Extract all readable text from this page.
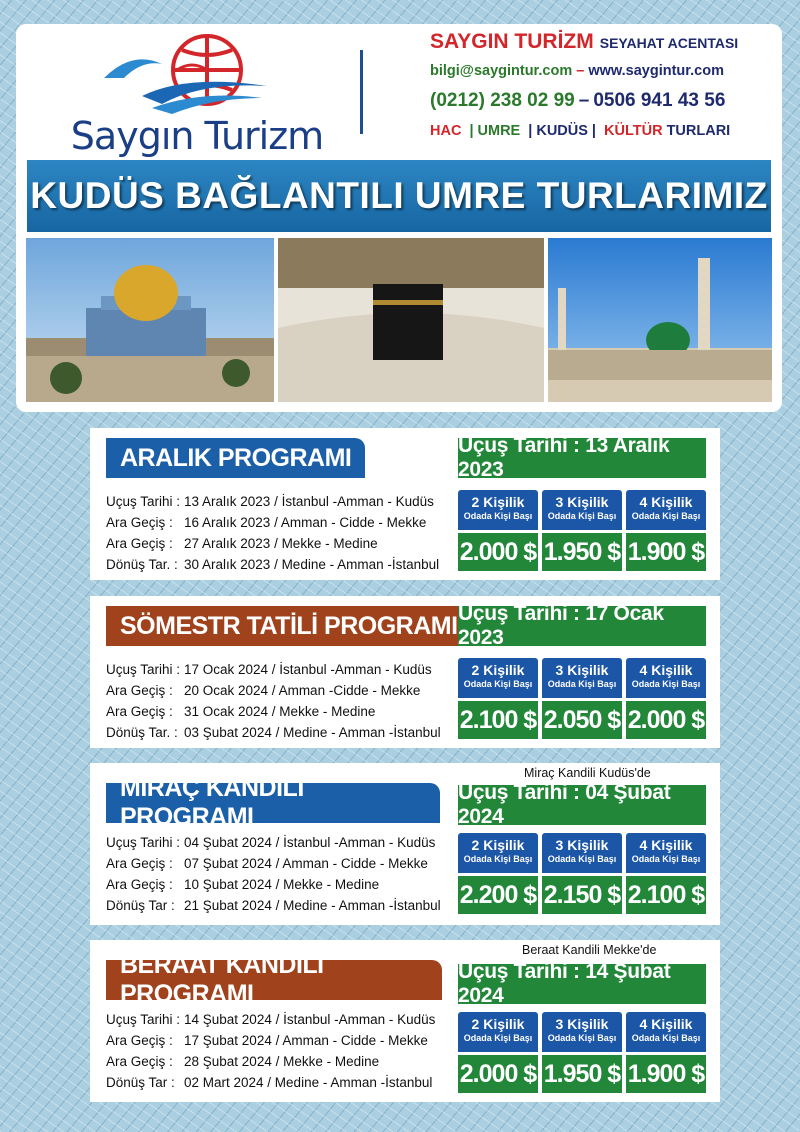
Saygın Turizm
SAYGIN TURİZM SEYAHAT ACENTASI
bilgi@saygintur.com – www.saygintur.com
(0212) 238 02 99 – 0506 941 43 56
HAC | UMRE | KUDÜS | KÜLTÜR TURLARI
KUDÜS BAĞLANTILI UMRE TURLARIMIZ
ARALIK PROGRAMI	Uçuş Tarihi : 13 Aralık 2023
Uçuş Tarihi : 13 Aralık 2023 / İstanbul -Amman - Kudüs
Ara Geçiş : 16 Aralık 2023 / Amman - Cidde - Mekke
Ara Geçiş : 27 Aralık 2023 / Mekke - Medine
Dönüş Tar. : 30 Aralık 2023 / Medine - Amman -İstanbul
2 Kişilik
Odada Kişi Başı
2.000 $
3 Kişilik
Odada Kişi Başı
1.950 $
4 Kişilik
Odada Kişi Başı
1.900 $
SÖMESTR TATİLİ PROGRAMI Uçuş Tarihi : 17 Ocak 2023
Uçuş Tarihi : 17 Ocak 2024 / İstanbul -Amman - Kudüs
Ara Geçiş : 20 Ocak 2024 / Amman -Cidde - Mekke
Ara Geçiş : 31 Ocak 2024 / Mekke - Medine
Dönüş Tar. : 03 Şubat 2024 / Medine - Amman -İstanbul
2 Kişilik
Odada Kişi Başı
2.100 $
3 Kişilik
Odada Kişi Başı
2.050 $
4 Kişilik
Odada Kişi Başı
2.000 $
Miraç Kandili Kudüs'de
MİRAÇ KANDİLİ PROGRAMI
Uçuş Tarihi : 04 Şubat 2024
Uçuş Tarihi : 04 Şubat 2024 / İstanbul -Amman - Kudüs
Ara Geçiş : 07 Şubat 2024 / Amman - Cidde - Mekke
Ara Geçiş : 10 Şubat 2024 / Mekke - Medine
Dönüş Tar : 21 Şubat 2024 / Medine - Amman -İstanbul
2 Kişilik
Odada Kişi Başı
2.200 $
3 Kişilik
Odada Kişi Başı
2.150 $
4 Kişilik
Odada Kişi Başı
2.100 $
Beraat Kandili Mekke'de
BERAAT KANDİLİ PROGRAMI
Uçuş Tarihi : 14 Şubat 2024
Uçuş Tarihi : 14 Şubat 2024 / İstanbul -Amman - Kudüs
Ara Geçiş : 17 Şubat 2024 / Amman - Cidde - Mekke
Ara Geçiş : 28 Şubat 2024 / Mekke - Medine
Dönüş Tar : 02 Mart 2024 / Medine - Amman -İstanbul
2 Kişilik
Odada Kişi Başı
2.000 $
3 Kişilik
Odada Kişi Başı
1.950 $
4 Kişilik
Odada Kişi Başı
1.900 $
